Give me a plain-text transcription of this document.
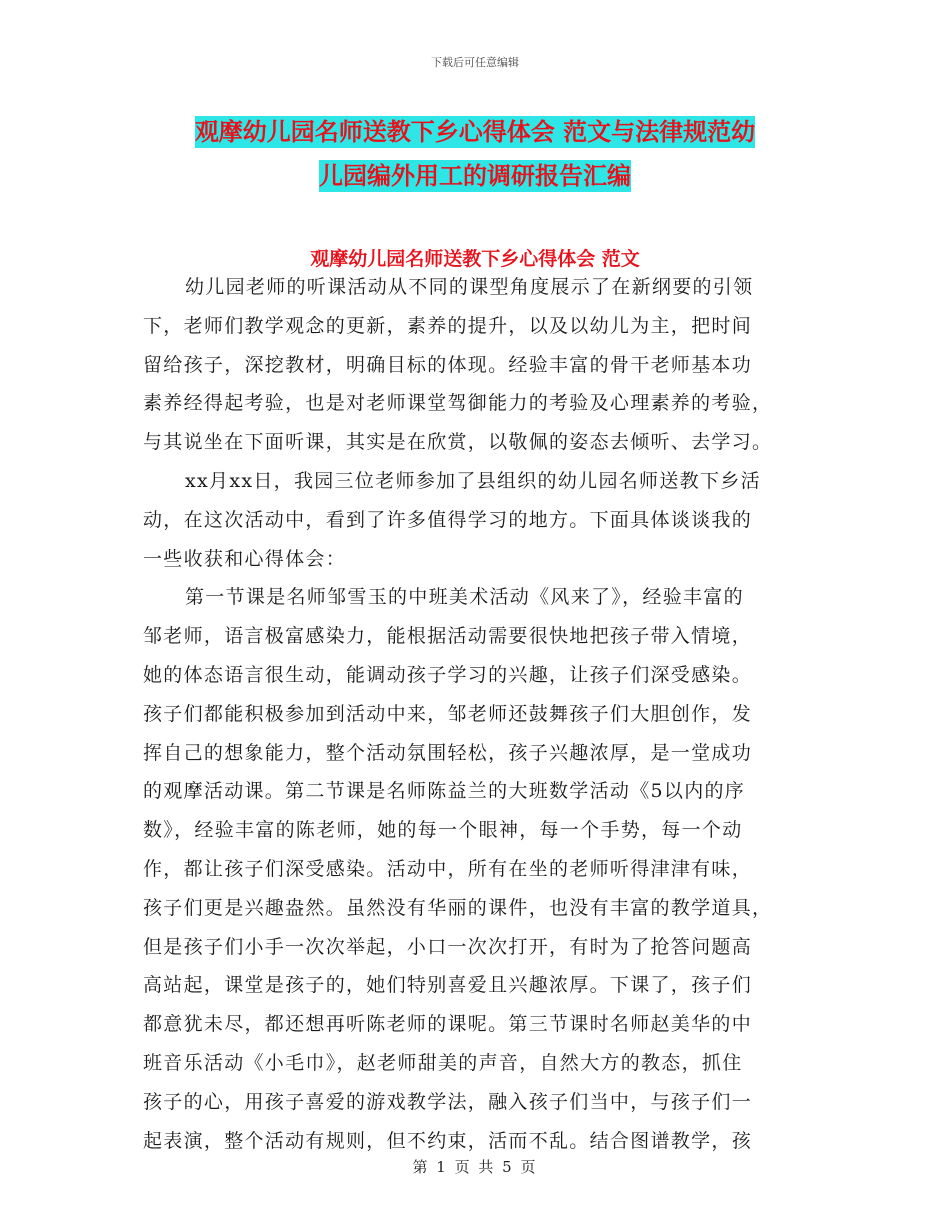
下载后可任意编辑
观摩幼儿园名师送教下乡心得体会 范文与法律规范幼
儿园编外用工的调研报告汇编
观摩幼儿园名师送教下乡心得体会 范文
幼儿园老师的听课活动从不同的课型角度展示了在新纲要的引领
下，老师们教学观念的更新，素养的提升，以及以幼儿为主，把时间
留给孩子，深挖教材，明确目标的体现。经验丰富的骨干老师基本功
素养经得起考验，也是对老师课堂驾御能力的考验及心理素养的考验，
与其说坐在下面听课，其实是在欣赏，以敬佩的姿态去倾听、去学习。
xx月xx日，我园三位老师参加了县组织的幼儿园名师送教下乡活
动，在这次活动中，看到了许多值得学习的地方。下面具体谈谈我的
一些收获和心得体会：
第一节课是名师邹雪玉的中班美术活动《风来了》，经验丰富的
邹老师，语言极富感染力，能根据活动需要很快地把孩子带入情境，
她的体态语言很生动，能调动孩子学习的兴趣，让孩子们深受感染。
孩子们都能积极参加到活动中来，邹老师还鼓舞孩子们大胆创作，发
挥自己的想象能力，整个活动氛围轻松，孩子兴趣浓厚，是一堂成功
的观摩活动课。第二节课是名师陈益兰的大班数学活动《5以内的序
数》，经验丰富的陈老师，她的每一个眼神，每一个手势，每一个动
作，都让孩子们深受感染。活动中，所有在坐的老师听得津津有味，
孩子们更是兴趣盎然。虽然没有华丽的课件，也没有丰富的教学道具，
但是孩子们小手一次次举起，小口一次次打开，有时为了抢答问题高
高站起，课堂是孩子的，她们特别喜爱且兴趣浓厚。下课了，孩子们
都意犹未尽，都还想再听陈老师的课呢。第三节课时名师赵美华的中
班音乐活动《小毛巾》，赵老师甜美的声音，自然大方的教态，抓住
孩子的心，用孩子喜爱的游戏教学法，融入孩子们当中，与孩子们一
起表演，整个活动有规则，但不约束，活而不乱。结合图谱教学，孩
第 1 页 共 5 页
